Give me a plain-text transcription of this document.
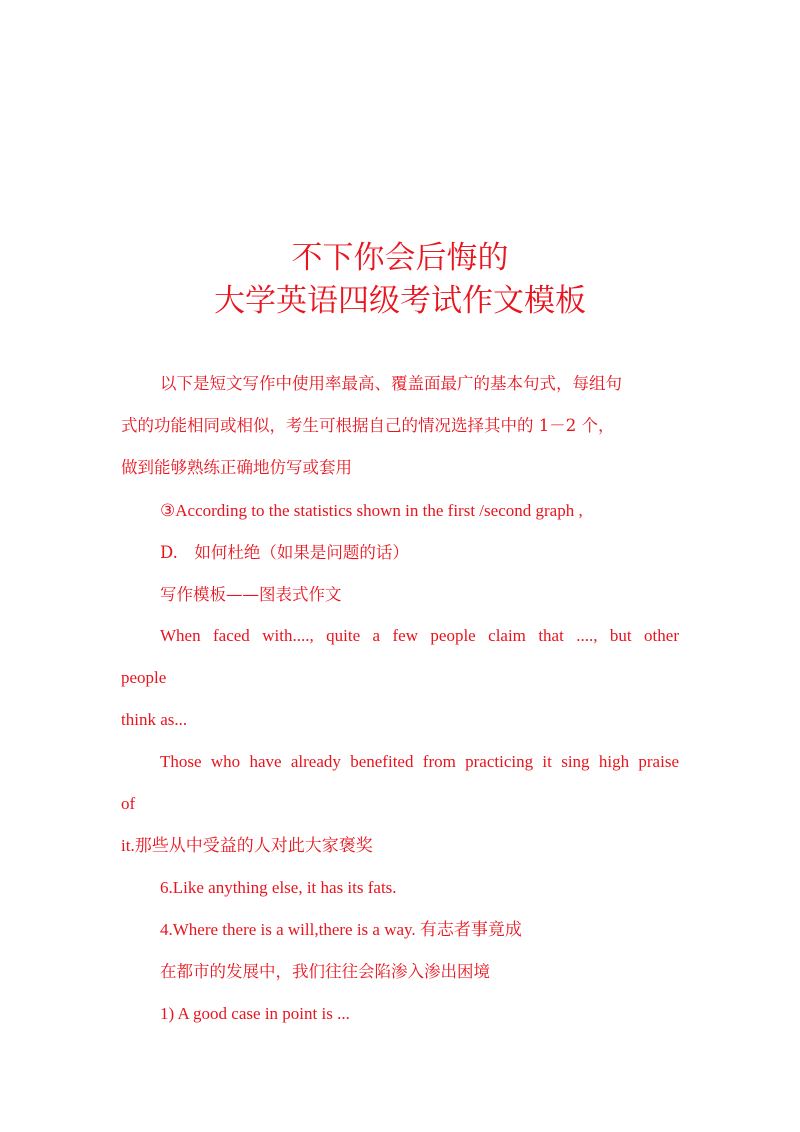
不下你会后悔的
大学英语四级考试作文模板
以下是短文写作中使用率最高、覆盖面最广的基本句式，每组句
式的功能相同或相似，考生可根据自己的情况选择其中的 1－2 个，
做到能够熟练正确地仿写或套用
③According to the statistics shown in the first /second graph ,
D.　如何杜绝（如果是问题的话）
写作模板——图表式作文
When faced with...., quite a few people claim that ...., but other
people
think as...
Those who have already benefited from practicing it sing high praise
of
it.那些从中受益的人对此大家褒奖
6.Like anything else, it has its fats.
4.Where there is a will,there is a way. 有志者事竟成
在都市的发展中，我们往往会陷渗入渗出困境
1) A good case in point is ...
